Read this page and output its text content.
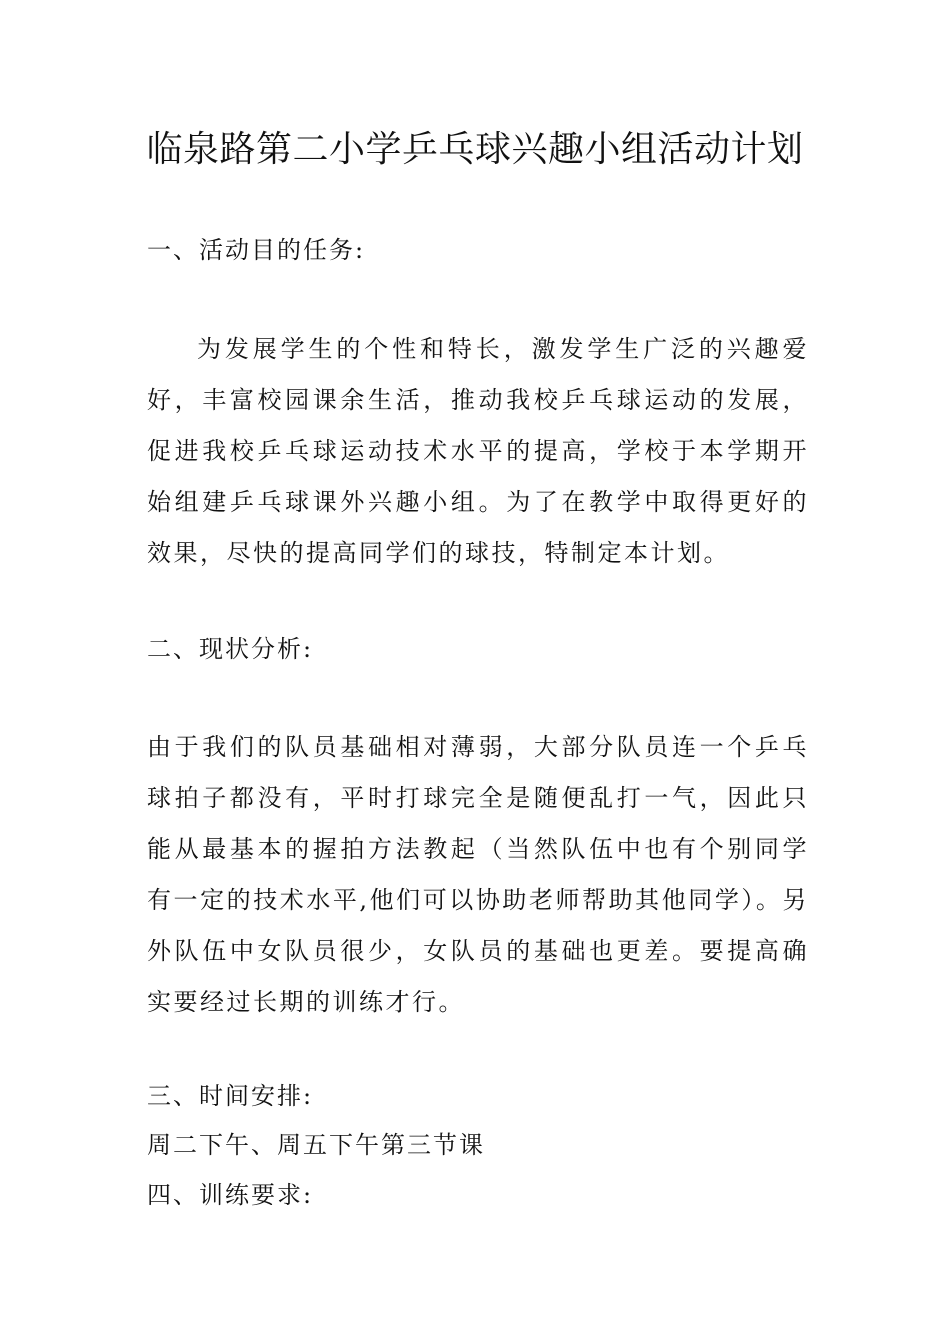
临泉路第二小学乒乓球兴趣小组活动计划

一、活动目的任务:

为发展学生的个性和特长，激发学生广泛的兴趣爱好，丰富校园课余生活，推动我校乒乓球运动的发展，促进我校乒乓球运动技术水平的提高，学校于本学期开始组建乒乓球课外兴趣小组。为了在教学中取得更好的效果，尽快的提高同学们的球技，特制定本计划。

二、现状分析:

由于我们的队员基础相对薄弱，大部分队员连一个乒乓球拍子都没有，平时打球完全是随便乱打一气，因此只能从最基本的握拍方法教起（当然队伍中也有个别同学有一定的技术水平,他们可以协助老师帮助其他同学）。另外队伍中女队员很少，女队员的基础也更差。要提高确实要经过长期的训练才行。

三、时间安排:

周二下午、周五下午第三节课

四、训练要求:
